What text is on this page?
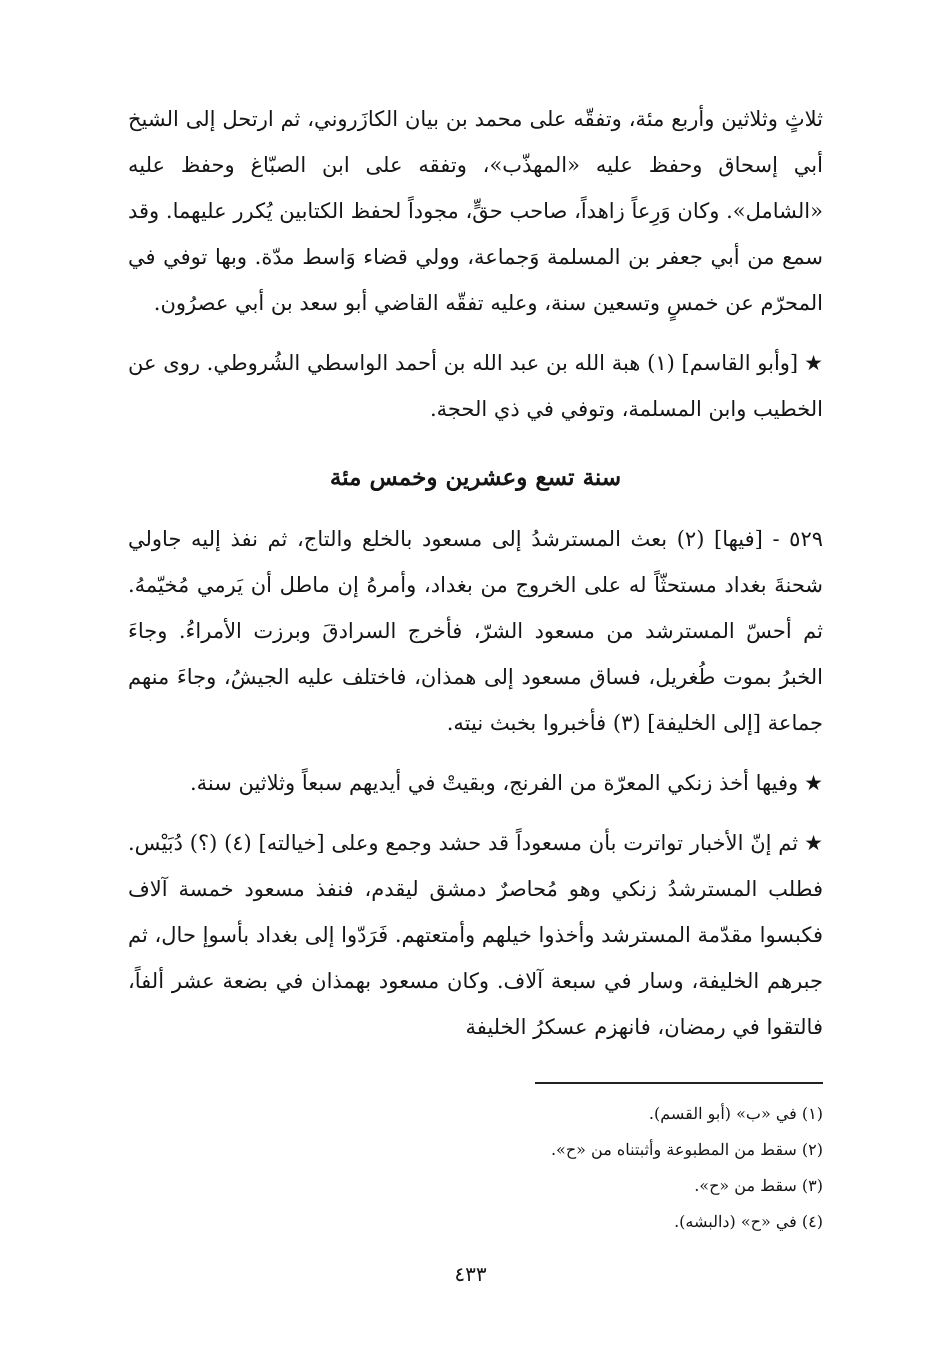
ثلاثٍ وثلاثين وأربع مئة، وتفقّه على محمد بن بيان الكازَروني، ثم ارتحل إلى الشيخ أبي إسحاق وحفظ عليه «المهذّب»، وتفقه على ابن الصبّاغ وحفظ عليه «الشامل». وكان وَرِعاً زاهداً، صاحب حقٍّ، مجوداً لحفظ الكتابين يُكرر عليهما. وقد سمع من أبي جعفر بن المسلمة وَجماعة، وولي قضاء وَاسط مدّة. وبها توفي في المحرّم عن خمسٍ وتسعين سنة، وعليه تفقّه القاضي أبو سعد بن أبي عصرُون.

★[وأبو القاسم] (١) هبة الله بن عبد الله بن أحمد الواسطي الشُروطي. روى عن الخطيب وابن المسلمة، وتوفي في ذي الحجة.

سنة تسع وعشرين وخمس مئة

٥٢٩ - [فيها] (٢) بعث المسترشدُ إلى مسعود بالخلع والتاج، ثم نفذ إليه جاولي شحنةَ بغداد مستحثّاً له على الخروج من بغداد، وأمرهُ إن ماطل أن يَرمي مُخيّمهُ. ثم أحسّ المسترشد من مسعود الشرّ، فأخرج السرادقَ وبرزت الأمراءُ. وجاءَ الخبرُ بموت طُغريل، فساق مسعود إلى همذان، فاختلف عليه الجيشُ، وجاءَ منهم جماعة [إلى الخليفة] (٣) فأخبروا بخبث نيته.

★وفيها أخذ زنكي المعرّة من الفرنج، وبقيتْ في أيديهم سبعاً وثلاثين سنة.

★ثم إنّ الأخبار تواترت بأن مسعوداً قد حشد وجمع وعلى [خيالته] (٤) (؟) دُبَيْس. فطلب المسترشدُ زنكي وهو مُحاصرٌ دمشق ليقدم، فنفذ مسعود خمسة آلاف فكبسوا مقدّمة المسترشد وأخذوا خيلهم وأمتعتهم. فَرَدّوا إلى بغداد بأسوإ حال، ثم جبرهم الخليفة، وسار في سبعة آلاف. وكان مسعود بهمذان في بضعة عشر ألفاً، فالتقوا في رمضان، فانهزم عسكرُ الخليفة

(١) في «ب» (أبو القسم).

(٢) سقط من المطبوعة وأثبتناه من «ح».

(٣) سقط من «ح».

(٤) في «ح» (دالبشه).

٤٣٣
